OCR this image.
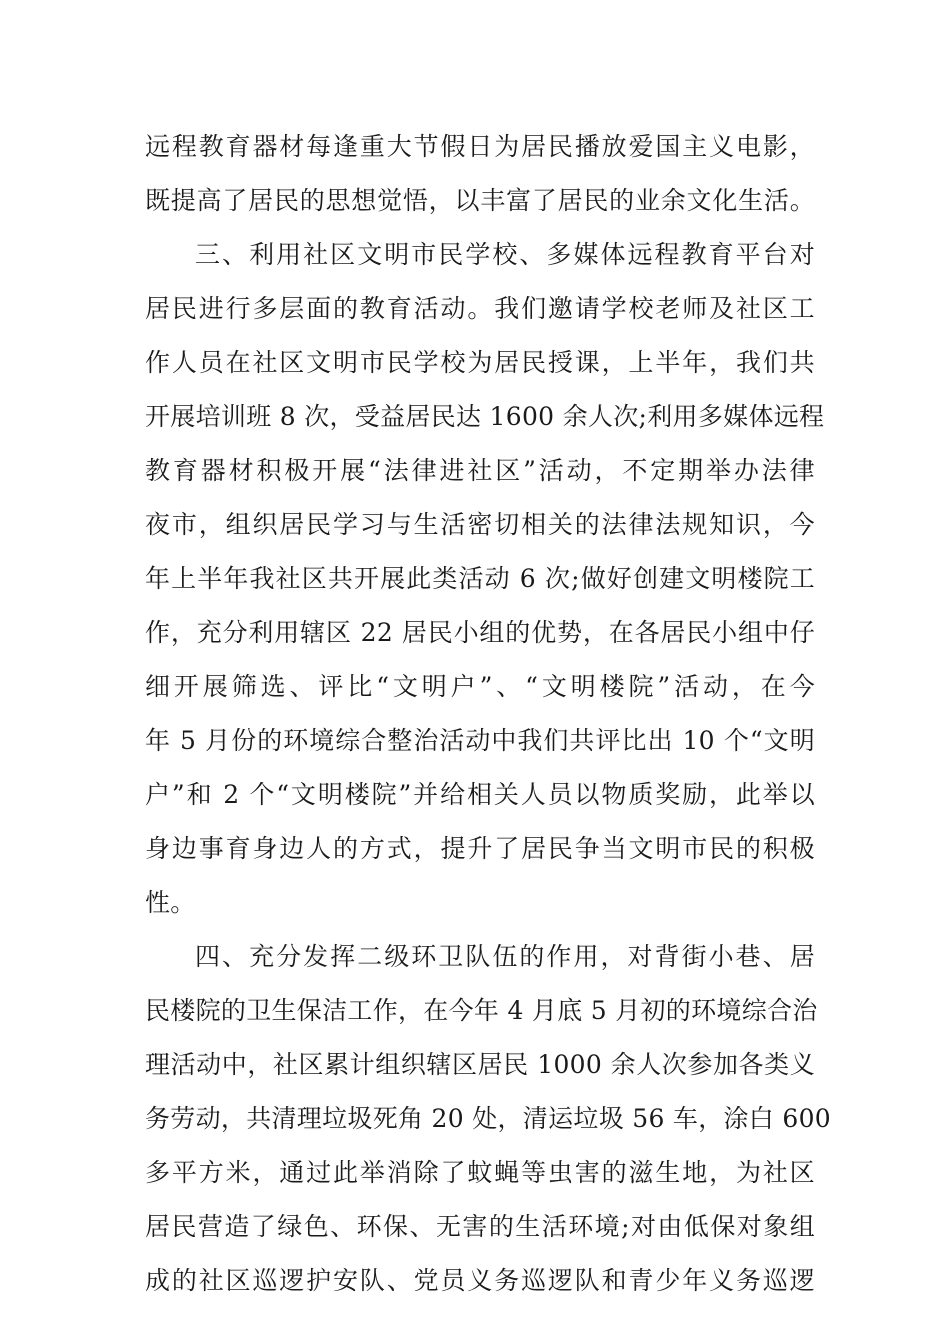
远程教育器材每逢重大节假日为居民播放爱国主义电影，
既提高了居民的思想觉悟，以丰富了居民的业余文化生活。
三、利用社区文明市民学校、多媒体远程教育平台对
居民进行多层面的教育活动。我们邀请学校老师及社区工
作人员在社区文明市民学校为居民授课，上半年，我们共
开展培训班 8 次，受益居民达 1600 余人次;利用多媒体远程
教育器材积极开展“法律进社区”活动，不定期举办法律
夜市，组织居民学习与生活密切相关的法律法规知识，今
年上半年我社区共开展此类活动 6 次;做好创建文明楼院工
作，充分利用辖区 22 居民小组的优势，在各居民小组中仔
细开展筛选、评比“文明户”、“文明楼院”活动，在今
年 5 月份的环境综合整治活动中我们共评比出 10 个“文明
户”和 2 个“文明楼院”并给相关人员以物质奖励，此举以
身边事育身边人的方式，提升了居民争当文明市民的积极
性。
四、充分发挥二级环卫队伍的作用，对背街小巷、居
民楼院的卫生保洁工作，在今年 4 月底 5 月初的环境综合治
理活动中，社区累计组织辖区居民 1000 余人次参加各类义
务劳动，共清理垃圾死角 20 处，清运垃圾 56 车，涂白 600
多平方米，通过此举消除了蚊蝇等虫害的滋生地，为社区
居民营造了绿色、环保、无害的生活环境;对由低保对象组
成的社区巡逻护安队、党员义务巡逻队和青少年义务巡逻
